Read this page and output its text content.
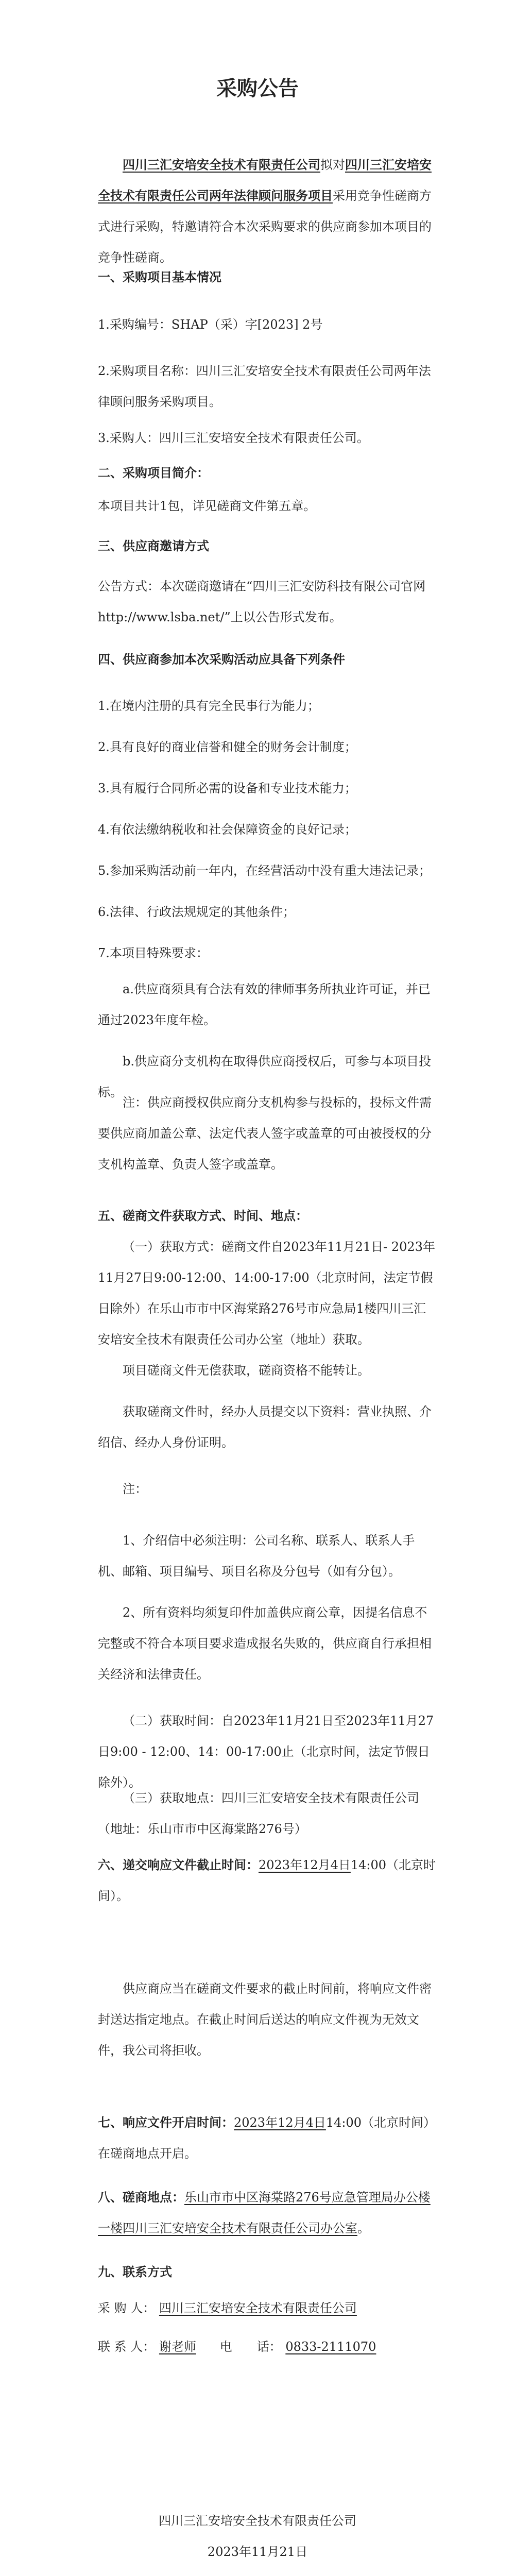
采购公告

四川三汇安培安全技术有限责任公司拟对四川三汇安培安全技术有限责任公司两年法律顾问服务项目采用竞争性磋商方式进行采购，特邀请符合本次采购要求的供应商参加本项目的竞争性磋商。

一、采购项目基本情况

1.采购编号：SHAP（采）字[2023] 2号

2.采购项目名称：四川三汇安培安全技术有限责任公司两年法律顾问服务采购项目。

3.采购人：四川三汇安培安全技术有限责任公司。

二、采购项目简介：

本项目共计1包，详见磋商文件第五章。

三、供应商邀请方式

公告方式：本次磋商邀请在“四川三汇安防科技有限公司官网http://www.lsba.net/”上以公告形式发布。

四、供应商参加本次采购活动应具备下列条件

1.在境内注册的具有完全民事行为能力；

2.具有良好的商业信誉和健全的财务会计制度；

3.具有履行合同所必需的设备和专业技术能力；

4.有依法缴纳税收和社会保障资金的良好记录；

5.参加采购活动前一年内，在经营活动中没有重大违法记录；

6.法律、行政法规规定的其他条件；

7.本项目特殊要求：

a.供应商须具有合法有效的律师事务所执业许可证，并已通过2023年度年检。

b.供应商分支机构在取得供应商授权后，可参与本项目投标。

注：供应商授权供应商分支机构参与投标的，投标文件需要供应商加盖公章、法定代表人签字或盖章的可由被授权的分支机构盖章、负责人签字或盖章。

五、磋商文件获取方式、时间、地点：

（一）获取方式：磋商文件自2023年11月21日- 2023年11月27日9:00-12:00、14:00-17:00（北京时间，法定节假日除外）在乐山市市中区海棠路276号市应急局1楼四川三汇安培安全技术有限责任公司办公室（地址）获取。

项目磋商文件无偿获取，磋商资格不能转让。

获取磋商文件时，经办人员提交以下资料：营业执照、介绍信、经办人身份证明。

注：

1、介绍信中必须注明：公司名称、联系人、联系人手机、邮箱、项目编号、项目名称及分包号（如有分包）。

2、所有资料均须复印件加盖供应商公章，因提名信息不完整或不符合本项目要求造成报名失败的，供应商自行承担相关经济和法律责任。

（二）获取时间：自2023年11月21日至2023年11月27日9:00 - 12:00、14：00-17:00止（北京时间，法定节假日除外）。

（三）获取地点：四川三汇安培安全技术有限责任公司（地址：乐山市市中区海棠路276号）

六、递交响应文件截止时间：2023年12月4日14:00（北京时间）。

供应商应当在磋商文件要求的截止时间前，将响应文件密封送达指定地点。在截止时间后送达的响应文件视为无效文件，我公司将拒收。

七、响应文件开启时间：2023年12月4日14:00（北京时间）在磋商地点开启。

八、磋商地点：乐山市市中区海棠路276号应急管理局办公楼一楼四川三汇安培安全技术有限责任公司办公室。

九、联系方式

采 购 人： 四川三汇安培安全技术有限责任公司

联 系 人： 谢老师 电　　话： 0833-2111070

四川三汇安培安全技术有限责任公司

2023年11月21日
